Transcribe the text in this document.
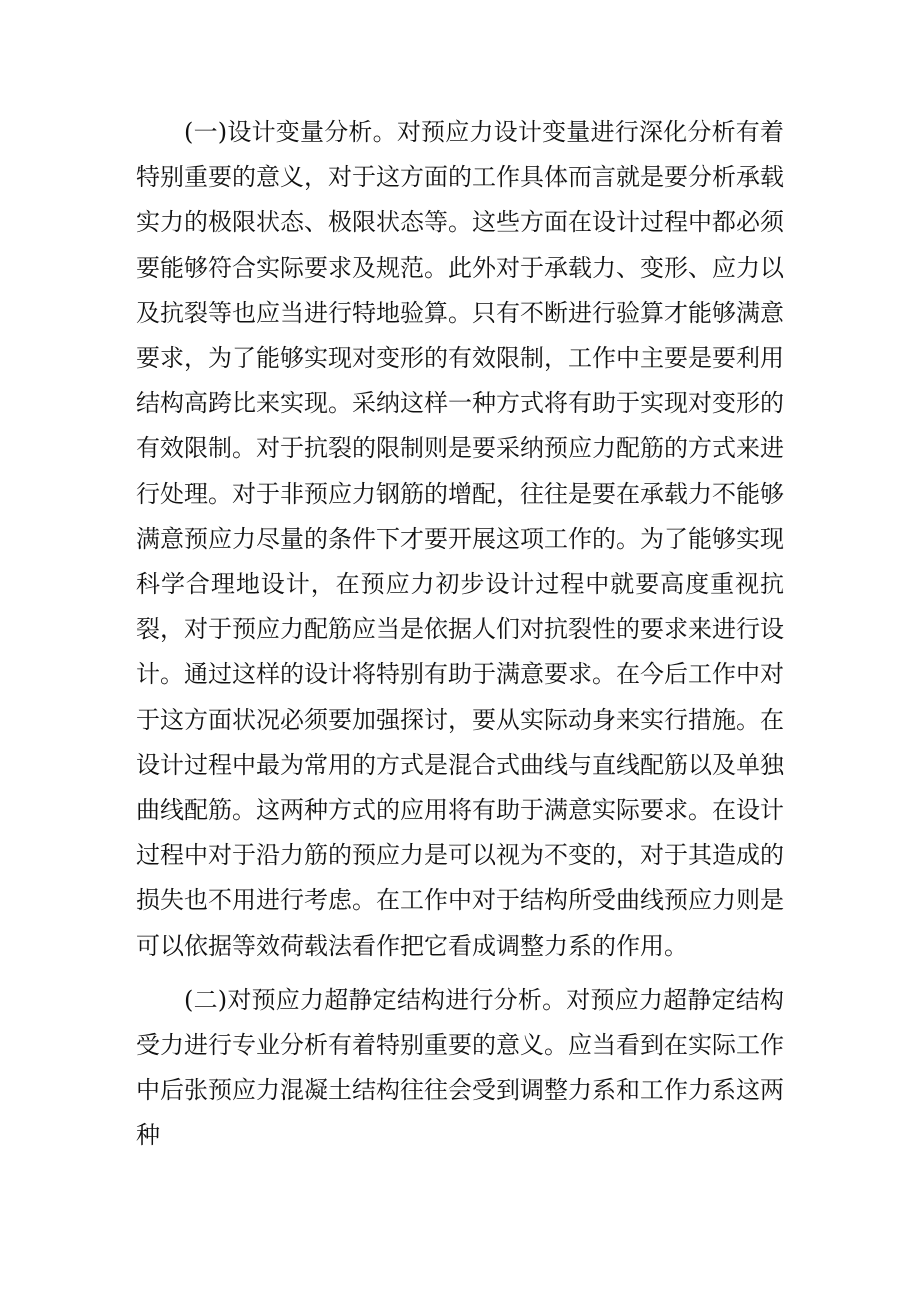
(一)设计变量分析。对预应力设计变量进行深化分析有着特别重要的意义，对于这方面的工作具体而言就是要分析承载实力的极限状态、极限状态等。这些方面在设计过程中都必须要能够符合实际要求及规范。此外对于承载力、变形、应力以及抗裂等也应当进行特地验算。只有不断进行验算才能够满意要求，为了能够实现对变形的有效限制，工作中主要是要利用结构高跨比来实现。采纳这样一种方式将有助于实现对变形的有效限制。对于抗裂的限制则是要采纳预应力配筋的方式来进行处理。对于非预应力钢筋的增配，往往是要在承载力不能够满意预应力尽量的条件下才要开展这项工作的。为了能够实现科学合理地设计，在预应力初步设计过程中就要高度重视抗裂，对于预应力配筋应当是依据人们对抗裂性的要求来进行设计。通过这样的设计将特别有助于满意要求。在今后工作中对于这方面状况必须要加强探讨，要从实际动身来实行措施。在设计过程中最为常用的方式是混合式曲线与直线配筋以及单独曲线配筋。这两种方式的应用将有助于满意实际要求。在设计过程中对于沿力筋的预应力是可以视为不变的，对于其造成的损失也不用进行考虑。在工作中对于结构所受曲线预应力则是可以依据等效荷载法看作把它看成调整力系的作用。

(二)对预应力超静定结构进行分析。对预应力超静定结构受力进行专业分析有着特别重要的意义。应当看到在实际工作中后张预应力混凝土结构往往会受到调整力系和工作力系这两种
